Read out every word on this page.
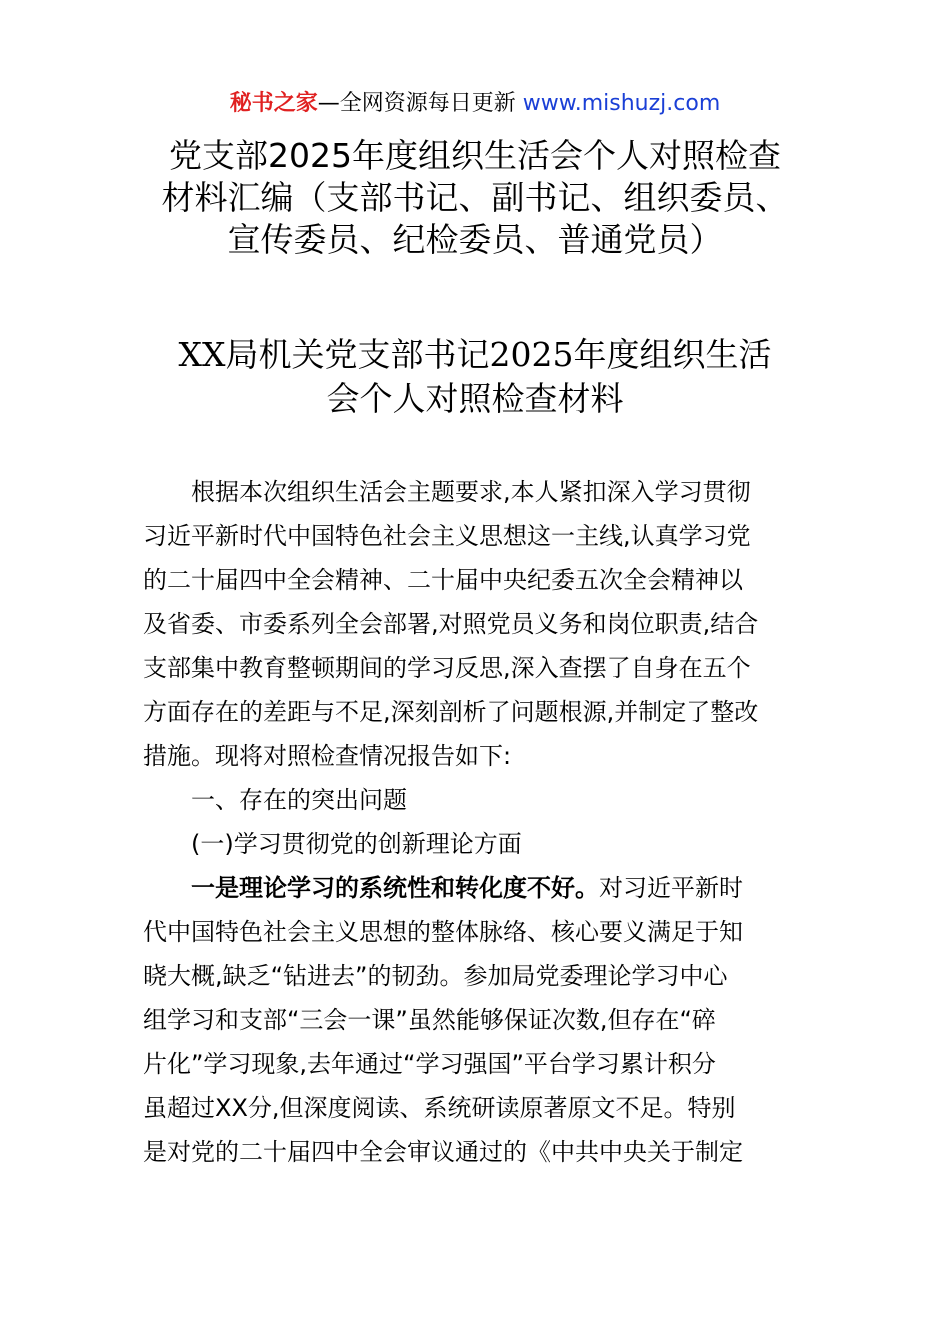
秘书之家—全网资源每日更新 www.mishuzj.com
党支部2025年度组织生活会个人对照检查
材料汇编（支部书记、副书记、组织委员、
宣传委员、纪检委员、普通党员）
XX局机关党支部书记2025年度组织生活
会个人对照检查材料
根据本次组织生活会主题要求,本人紧扣深入学习贯彻
习近平新时代中国特色社会主义思想这一主线,认真学习党
的二十届四中全会精神、二十届中央纪委五次全会精神以
及省委、市委系列全会部署,对照党员义务和岗位职责,结合
支部集中教育整顿期间的学习反思,深入查摆了自身在五个
方面存在的差距与不足,深刻剖析了问题根源,并制定了整改
措施。现将对照检查情况报告如下:
一、存在的突出问题
(一)学习贯彻党的创新理论方面
一是理论学习的系统性和转化度不好。对习近平新时
代中国特色社会主义思想的整体脉络、核心要义满足于知
晓大概,缺乏“钻进去”的韧劲。参加局党委理论学习中心
组学习和支部“三会一课”虽然能够保证次数,但存在“碎
片化”学习现象,去年通过“学习强国”平台学习累计积分
虽超过XX分,但深度阅读、系统研读原著原文不足。特别
是对党的二十届四中全会审议通过的《中共中央关于制定
